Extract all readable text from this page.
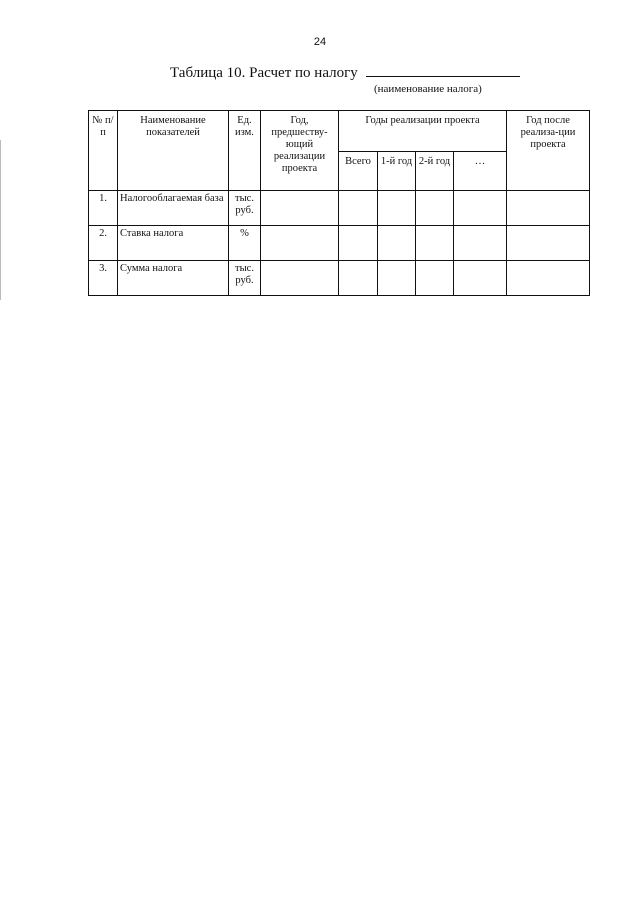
24
Таблица 10. Расчет по налогу
(наименование налога)
№ п/п	Наименование показателей	Ед. изм.	Год, предшеству-ющий реализации проекта	Годы реализации проекта				Год после реализа-ции проекта
				Всего	1-й год	2-й год	…	
1.	Налогооблагаемая база	тыс. руб.						
2.	Ставка налога	%						
3.	Сумма налога	тыс. руб.						
